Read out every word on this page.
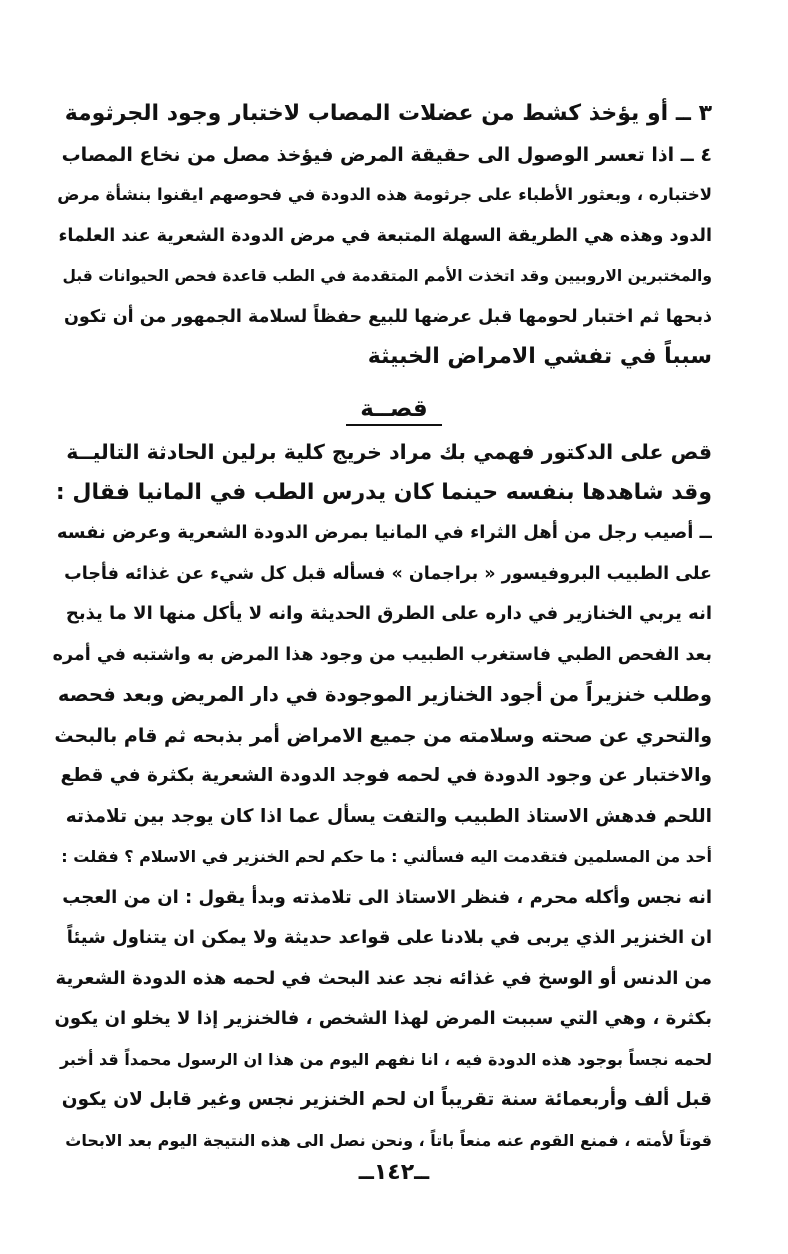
٣ ــ أو يؤخذ كشط من عضلات المصاب لاختبار وجود الجرثومة
٤ ــ اذا تعسر الوصول الى حقيقة المرض فيؤخذ مصل من نخاع المصاب
لاختباره ، وبعثور الأطباء على جرثومة هذه الدودة في فحوصهم ايقنوا بنشأة مرض
الدود وهذه هي الطريقة السهلة المتبعة في مرض الدودة الشعرية عند العلماء
والمختبرين الاروبيين وقد اتخذت الأمم المتقدمة في الطب قاعدة فحص الحيوانات قبل
ذبحها ثم اختبار لحومها قبل عرضها للبيع حفظاً لسلامة الجمهور من أن تكون
سبباً في تفشي الامراض الخبيثة
قصــة
قص على الدكتور فهمي بك مراد خريج كلية برلين الحادثة التاليــة
وقد شاهدها بنفسه حينما كان يدرس الطب في المانيا فقال :
ــ أصيب رجل من أهل الثراء في المانيا بمرض الدودة الشعرية وعرض نفسه
على الطبيب البروفيسور « براجمان » فسأله قبل كل شيء عن غذائه فأجاب
انه يربي الخنازير في داره على الطرق الحديثة وانه لا يأكل منها الا ما يذبح
بعد الفحص الطبي فاستغرب الطبيب من وجود هذا المرض به واشتبه في أمره
وطلب خنزيراً من أجود الخنازير الموجودة في دار المريض وبعد فحصه
والتحري عن صحته وسلامته من جميع الامراض أمر بذبحه ثم قام بالبحث
والاختبار عن وجود الدودة في لحمه فوجد الدودة الشعرية بكثرة في قطع
اللحم فدهش الاستاذ الطبيب والتفت يسأل عما اذا كان يوجد بين تلامذته
أحد من المسلمين فتقدمت اليه فسألني : ما حكم لحم الخنزير في الاسلام ؟ فقلت :
انه نجس وأكله محرم ، فنظر الاستاذ الى تلامذته وبدأ يقول : ان من العجب
ان الخنزير الذي يربى في بلادنا على قواعد حديثة ولا يمكن ان يتناول شيئاً
من الدنس أو الوسخ في غذائه نجد عند البحث في لحمه هذه الدودة الشعرية
بكثرة ، وهي التي سببت المرض لهذا الشخص ، فالخنزير إذا لا يخلو ان يكون
لحمه نجساً بوجود هذه الدودة فيه ، انا نفهم اليوم من هذا ان الرسول محمداً قد أخبر
قبل ألف وأربعمائة سنة تقريباً ان لحم الخنزير نجس وغير قابل لان يكون
قوتاً لأمته ، فمنع القوم عنه منعاً باتاً ، ونحن نصل الى هذه النتيجة اليوم بعد الابحاث
ــ١٤٢ــ
